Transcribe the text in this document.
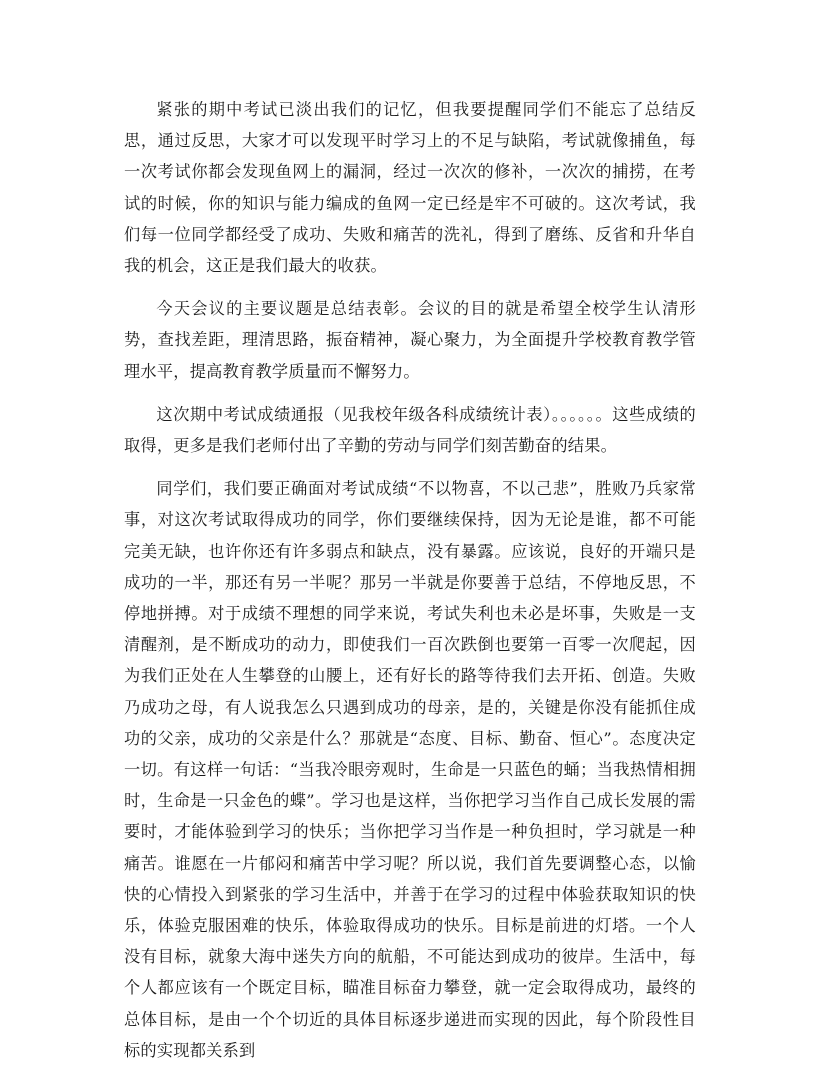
紧张的期中考试已淡出我们的记忆，但我要提醒同学们不能忘了总结反思，通过反思，大家才可以发现平时学习上的不足与缺陷，考试就像捕鱼，每一次考试你都会发现鱼网上的漏洞，经过一次次的修补，一次次的捕捞，在考试的时候，你的知识与能力编成的鱼网一定已经是牢不可破的。这次考试，我们每一位同学都经受了成功、失败和痛苦的洗礼，得到了磨练、反省和升华自我的机会，这正是我们最大的收获。

今天会议的主要议题是总结表彰。会议的目的就是希望全校学生认清形势，查找差距，理清思路，振奋精神，凝心聚力，为全面提升学校教育教学管理水平，提高教育教学质量而不懈努力。

这次期中考试成绩通报（见我校年级各科成绩统计表）。。。。。。这些成绩的取得，更多是我们老师付出了辛勤的劳动与同学们刻苦勤奋的结果。

同学们，我们要正确面对考试成绩“不以物喜，不以己悲”，胜败乃兵家常事，对这次考试取得成功的同学，你们要继续保持，因为无论是谁，都不可能完美无缺，也许你还有许多弱点和缺点，没有暴露。应该说，良好的开端只是成功的一半，那还有另一半呢？那另一半就是你要善于总结，不停地反思，不停地拼搏。对于成绩不理想的同学来说，考试失利也未必是坏事，失败是一支清醒剂，是不断成功的动力，即使我们一百次跌倒也要第一百零一次爬起，因为我们正处在人生攀登的山腰上，还有好长的路等待我们去开拓、创造。失败乃成功之母，有人说我怎么只遇到成功的母亲，是的，关键是你没有能抓住成功的父亲，成功的父亲是什么？那就是“态度、目标、勤奋、恒心”。态度决定一切。有这样一句话：“当我冷眼旁观时，生命是一只蓝色的蛹；当我热情相拥时，生命是一只金色的蝶”。学习也是这样，当你把学习当作自己成长发展的需要时，才能体验到学习的快乐；当你把学习当作是一种负担时，学习就是一种痛苦。谁愿在一片郁闷和痛苦中学习呢？所以说，我们首先要调整心态，以愉快的心情投入到紧张的学习生活中，并善于在学习的过程中体验获取知识的快乐，体验克服困难的快乐，体验取得成功的快乐。目标是前进的灯塔。一个人没有目标，就象大海中迷失方向的航船，不可能达到成功的彼岸。生活中，每个人都应该有一个既定目标，瞄准目标奋力攀登，就一定会取得成功，最终的总体目标，是由一个个切近的具体目标逐步递进而实现的因此，每个阶段性目标的实现都关系到
